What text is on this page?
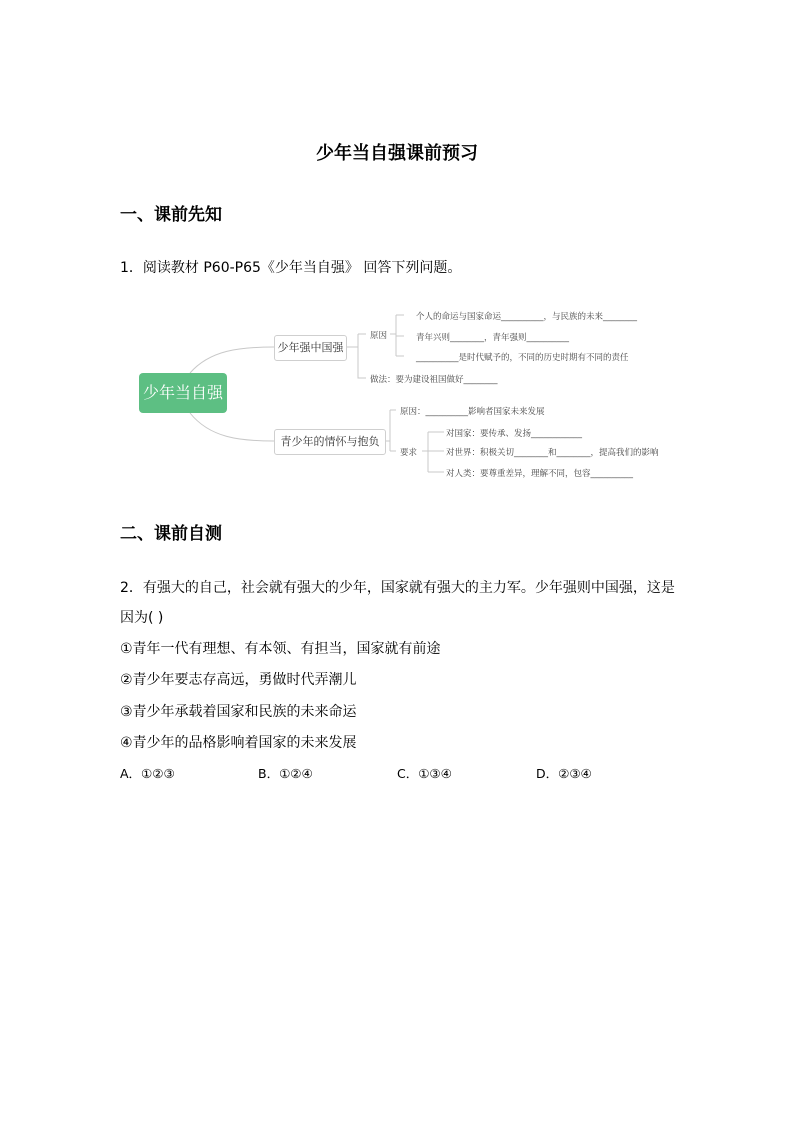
少年当自强课前预习
一、课前先知
1．阅读教材 P60-P65《少年当自强》 回答下列问题。
少年当自强
少年强中国强
原因
个人的命运与国家命运__________，与民族的未来________
青年兴则________，青年强则__________
__________是时代赋予的，不同的历史时期有不同的责任
做法：要为建设祖国做好________
青少年的情怀与抱负
原因：__________影响者国家未来发展
要求
对国家：要传承、发扬____________
对世界：积极关切________和________，提高我们的影响
对人类：要尊重差异，理解不同，包容__________
二、课前自测
2．有强大的自己，社会就有强大的少年，国家就有强大的主力军。少年强则中国强，这是
因为( )
①青年一代有理想、有本领、有担当，国家就有前途
②青少年要志存高远，勇做时代弄潮儿
③青少年承载着国家和民族的未来命运
④青少年的品格影响着国家的未来发展
A．①②③	B．①②④	C．①③④	D．②③④
